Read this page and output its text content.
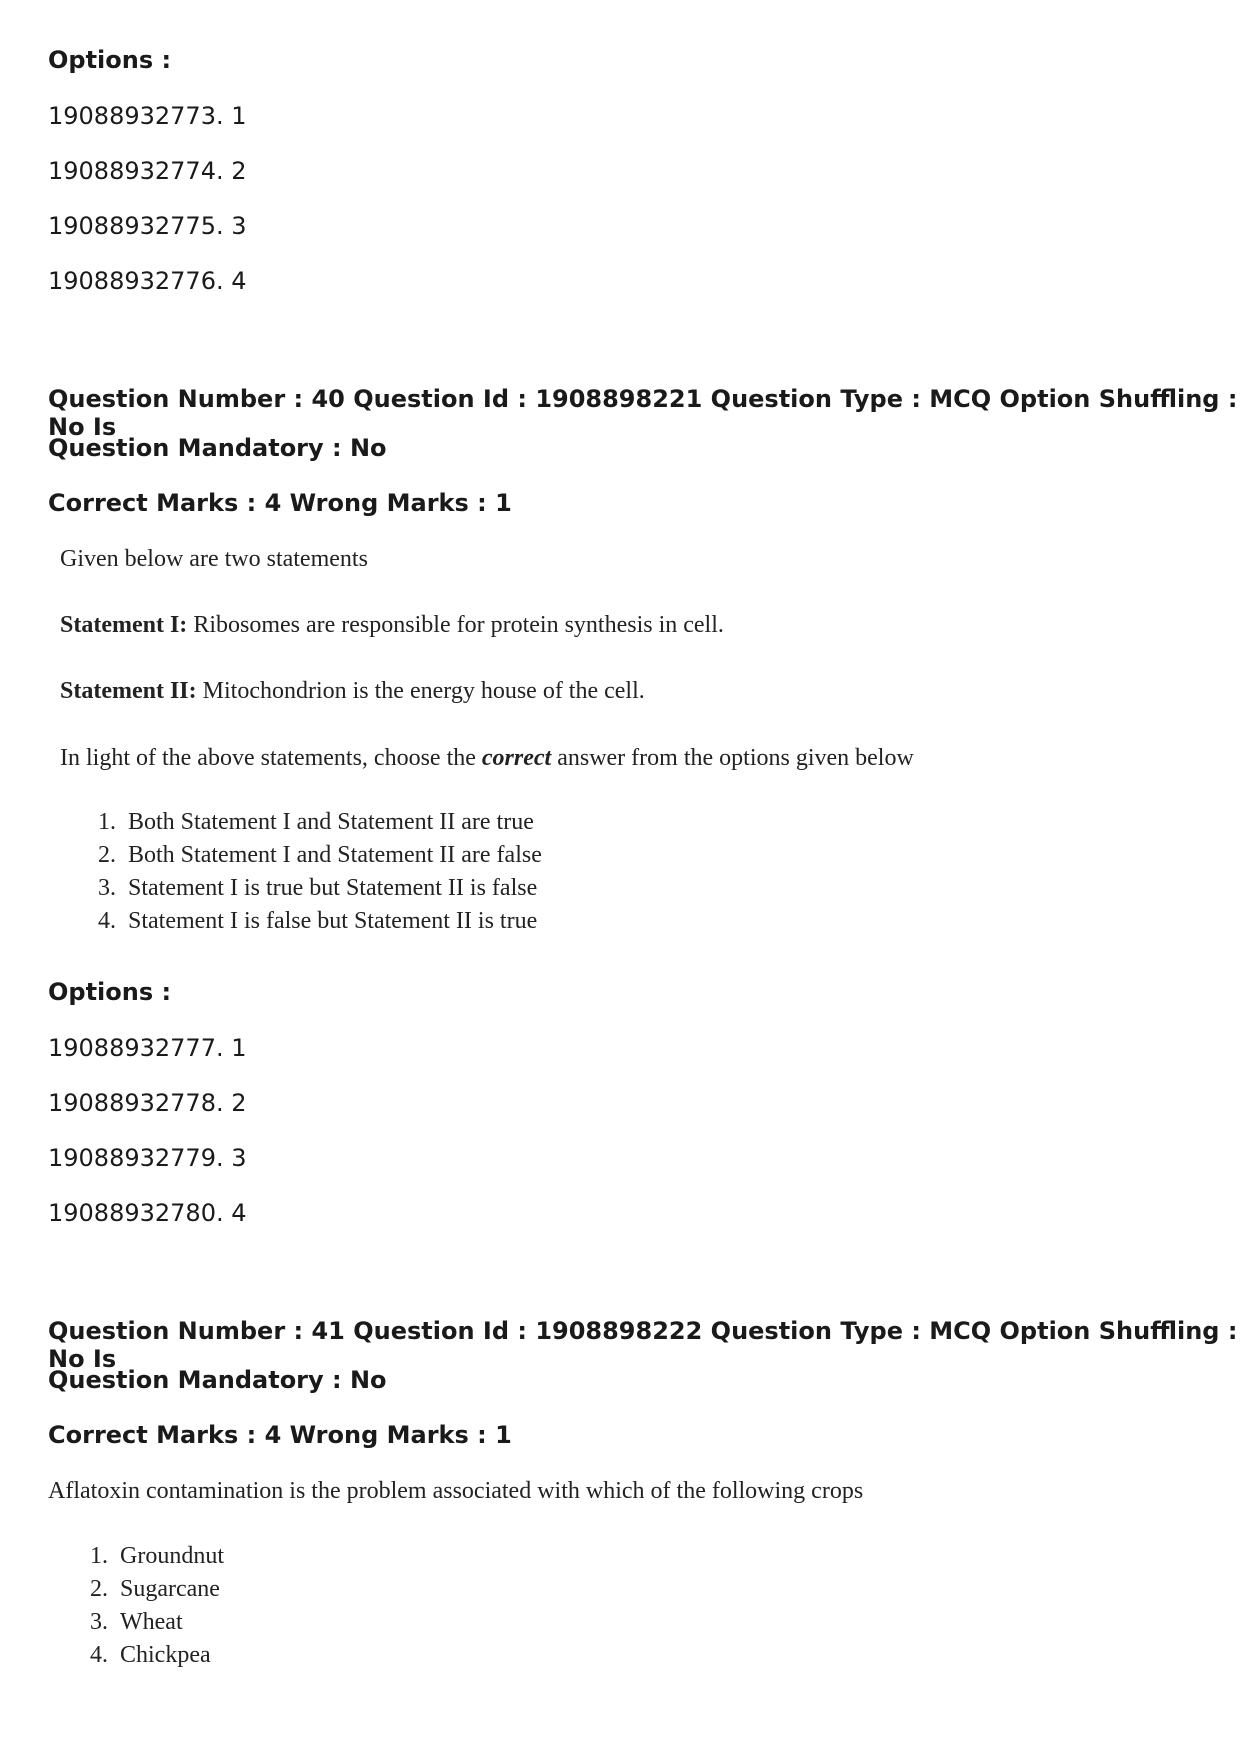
Options :
19088932773. 1
19088932774. 2
19088932775. 3
19088932776. 4
Question Number : 40 Question Id : 1908898221 Question Type : MCQ Option Shuffling : No Is
Question Mandatory : No
Correct Marks : 4 Wrong Marks : 1
Given below are two statements
Statement I: Ribosomes are responsible for protein synthesis in cell.
Statement II: Mitochondrion is the energy house of the cell.
In light of the above statements, choose the correct answer from the options given below
1. Both Statement I and Statement II are true
2. Both Statement I and Statement II are false
3. Statement I is true but Statement II is false
4. Statement I is false but Statement II is true
Options :
19088932777. 1
19088932778. 2
19088932779. 3
19088932780. 4
Question Number : 41 Question Id : 1908898222 Question Type : MCQ Option Shuffling : No Is
Question Mandatory : No
Correct Marks : 4 Wrong Marks : 1
Aflatoxin contamination is the problem associated with which of the following crops
1. Groundnut
2. Sugarcane
3. Wheat
4. Chickpea
